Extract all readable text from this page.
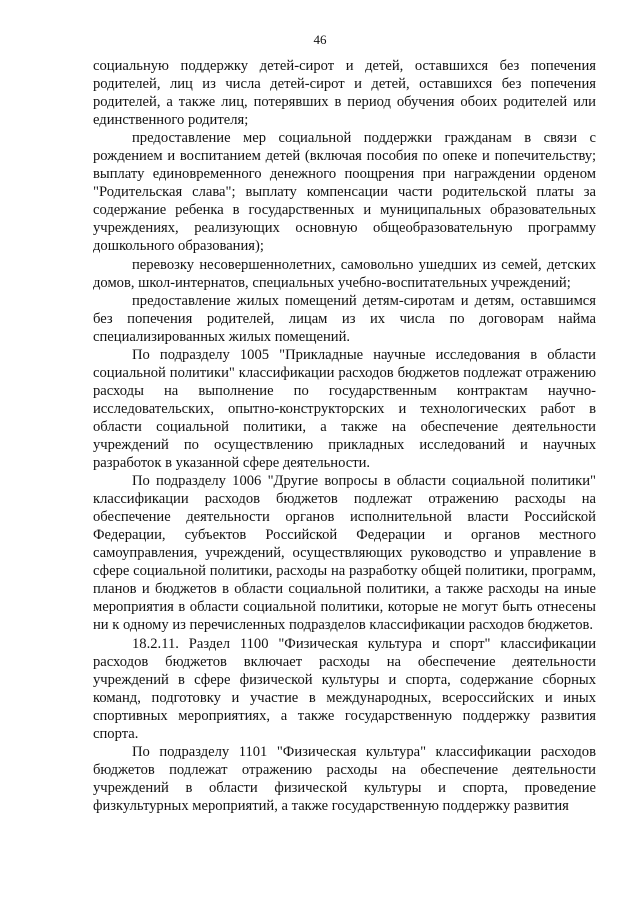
46

социальную поддержку детей-сирот и детей, оставшихся без попечения родителей, лиц из числа детей-сирот и детей, оставшихся без попечения родителей, а также лиц, потерявших в период обучения обоих родителей или единственного родителя;

предоставление мер социальной поддержки гражданам в связи с рождением и воспитанием детей (включая пособия по опеке и попечительству; выплату единовременного денежного поощрения при награждении орденом "Родительская слава"; выплату компенсации части родительской платы за содержание ребенка в государственных и муниципальных образовательных учреждениях, реализующих основную общеобразовательную программу дошкольного образования);

перевозку несовершеннолетних, самовольно ушедших из семей, детских домов, школ-интернатов, специальных учебно-воспитательных учреждений;

предоставление жилых помещений детям-сиротам и детям, оставшимся без попечения родителей, лицам из их числа по договорам найма специализированных жилых помещений.

По подразделу 1005 "Прикладные научные исследования в области социальной политики" классификации расходов бюджетов подлежат отражению расходы на выполнение по государственным контрактам научно-исследовательских, опытно-конструкторских и технологических работ в области социальной политики, а также на обеспечение деятельности учреждений по осуществлению прикладных исследований и научных разработок в указанной сфере деятельности.

По подразделу 1006 "Другие вопросы в области социальной политики" классификации расходов бюджетов подлежат отражению расходы на обеспечение деятельности органов исполнительной власти Российской Федерации, субъектов Российской Федерации и органов местного самоуправления, учреждений, осуществляющих руководство и управление в сфере социальной политики, расходы на разработку общей политики, программ, планов и бюджетов в области социальной политики, а также расходы на иные мероприятия в области социальной политики, которые не могут быть отнесены ни к одному из перечисленных подразделов классификации расходов бюджетов.

18.2.11. Раздел 1100 "Физическая культура и спорт" классификации расходов бюджетов включает расходы на обеспечение деятельности учреждений в сфере физической культуры и спорта, содержание сборных команд, подготовку и участие в международных, всероссийских и иных спортивных мероприятиях, а также государственную поддержку развития спорта.

По подразделу 1101 "Физическая культура" классификации расходов бюджетов подлежат отражению расходы на обеспечение деятельности учреждений в области физической культуры и спорта, проведение физкультурных мероприятий, а также государственную поддержку развития
